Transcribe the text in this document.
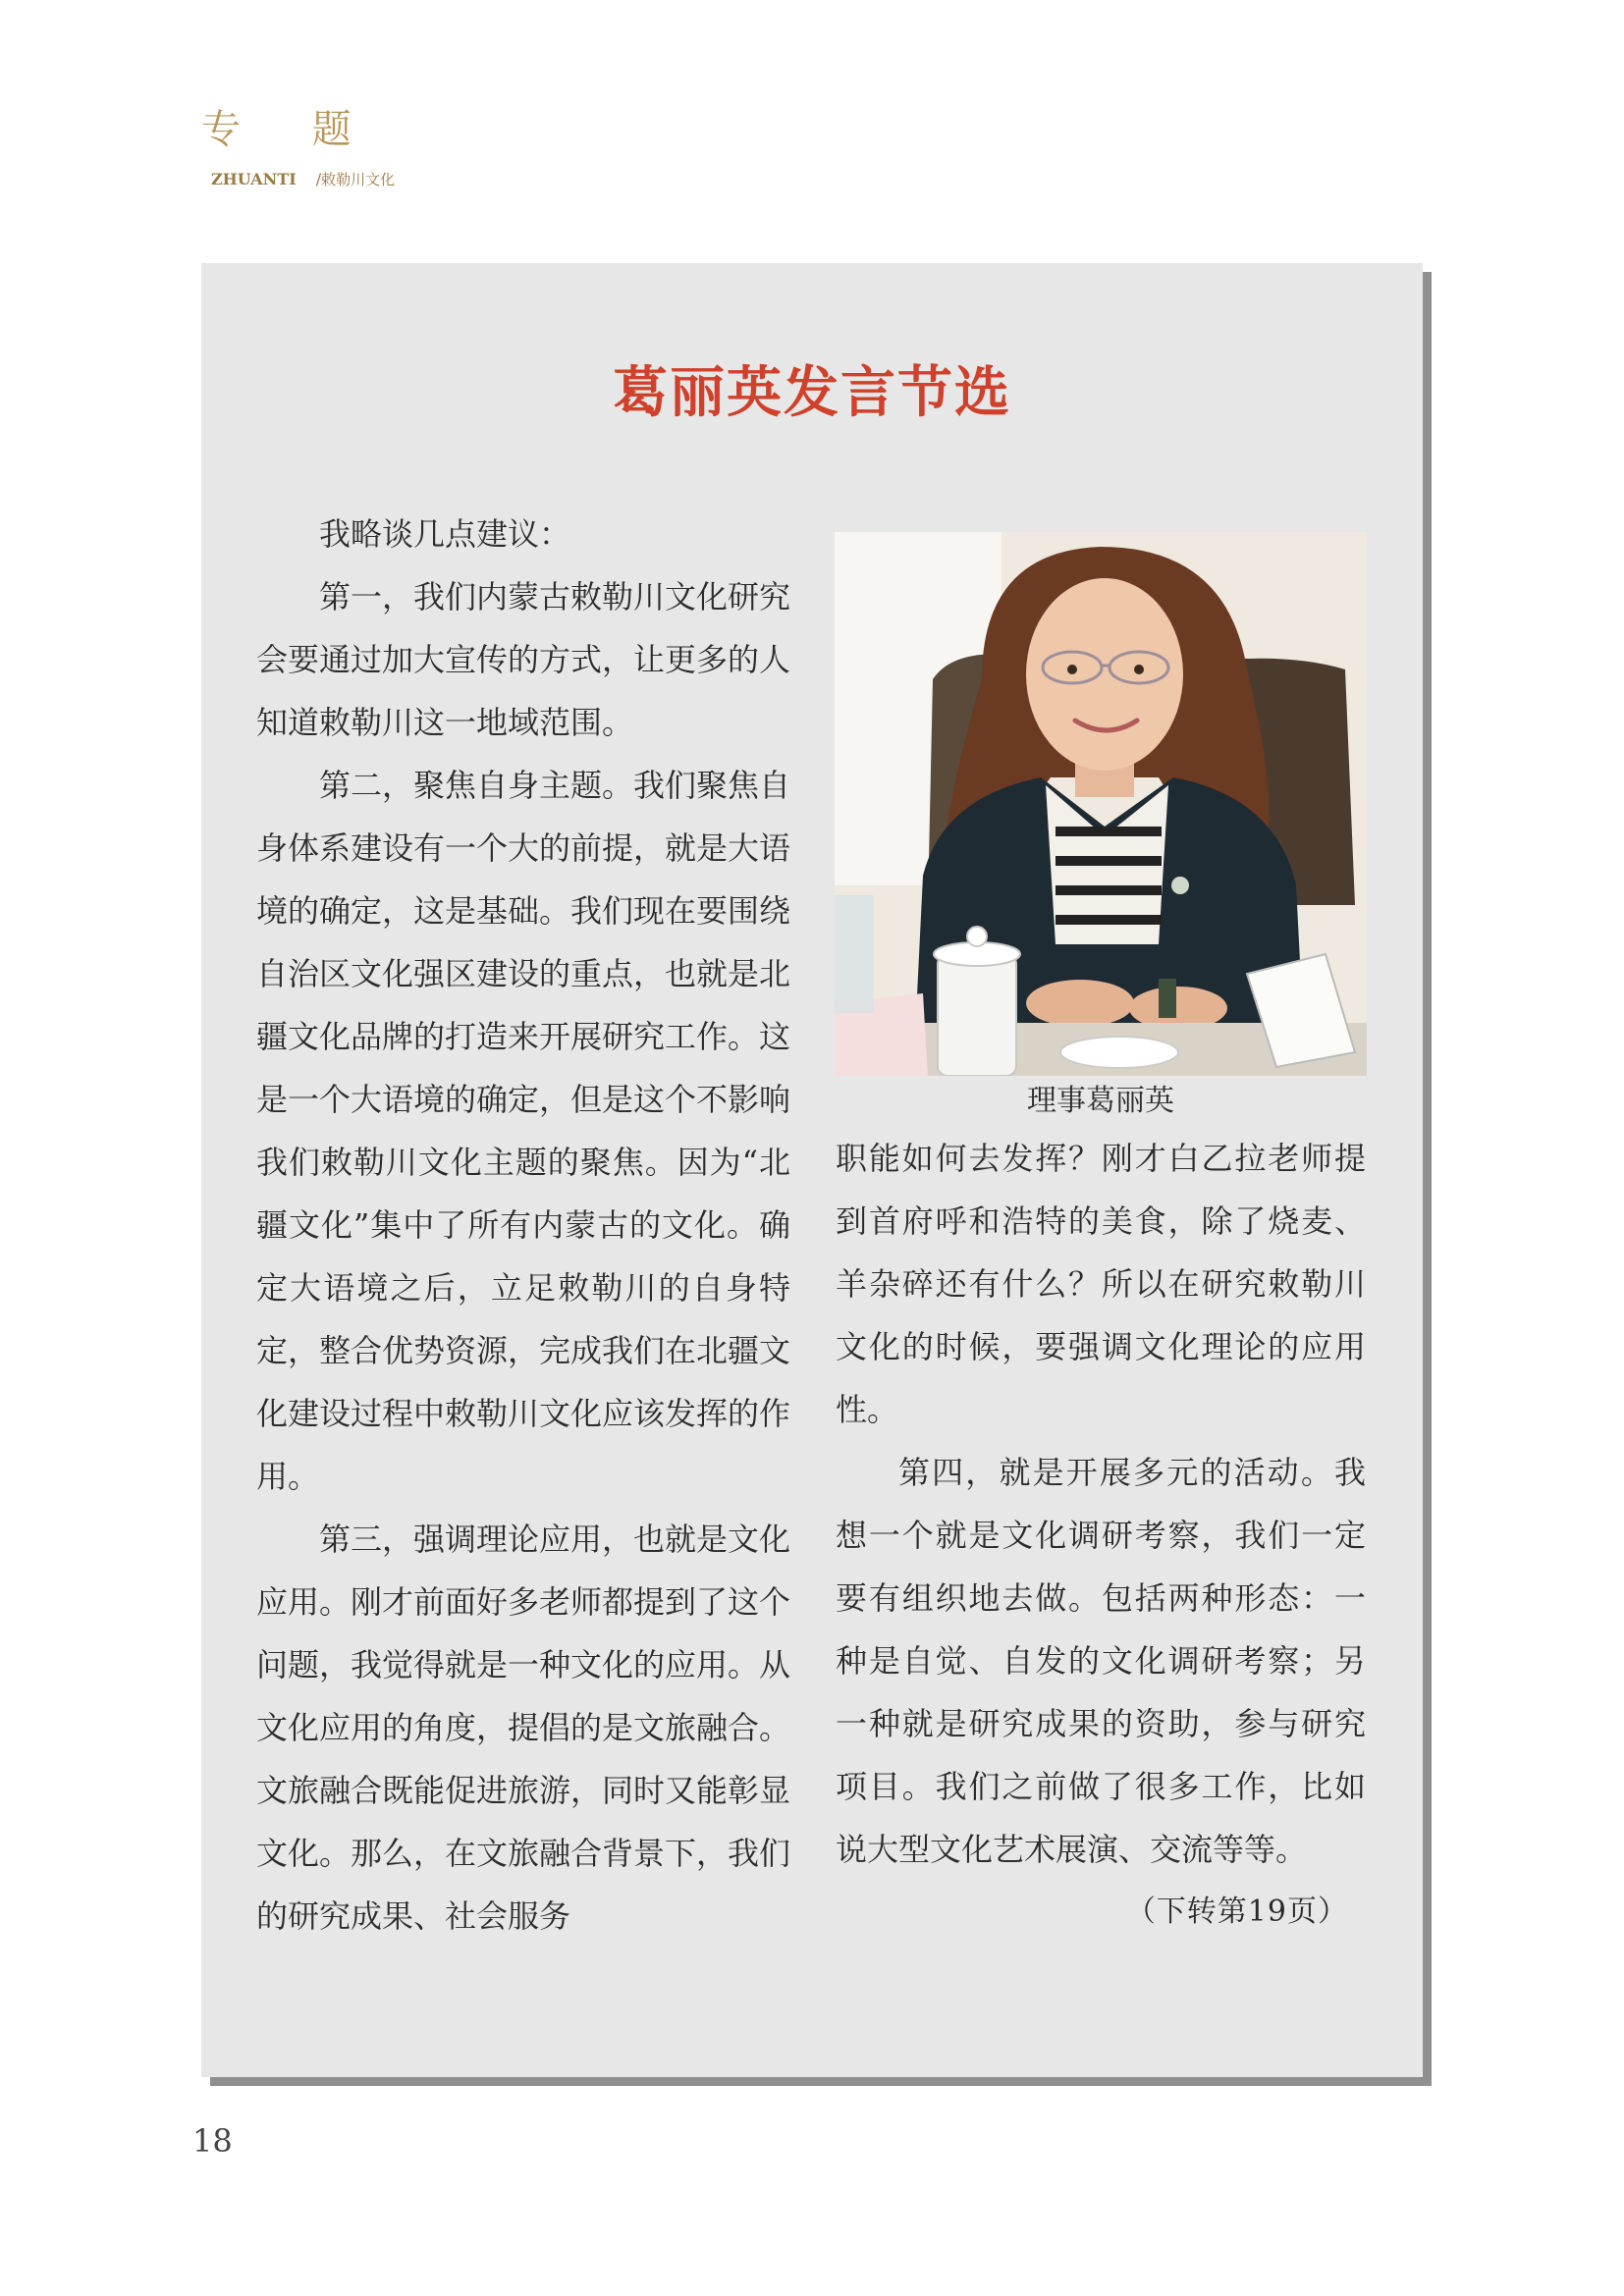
专 题
ZHUANTI /敕勒川文化
葛丽英发言节选

我略谈几点建议：

第一，我们内蒙古敕勒川文化研究会要通过加大宣传的方式，让更多的人知道敕勒川这一地域范围。

第二，聚焦自身主题。我们聚焦自身体系建设有一个大的前提，就是大语境的确定，这是基础。我们现在要围绕自治区文化强区建设的重点，也就是北疆文化品牌的打造来开展研究工作。这是一个大语境的确定，但是这个不影响我们敕勒川文化主题的聚焦。因为“北疆文化”集中了所有内蒙古的文化。确定大语境之后，立足敕勒川的自身特定，整合优势资源，完成我们在北疆文化建设过程中敕勒川文化应该发挥的作用。

第三，强调理论应用，也就是文化应用。刚才前面好多老师都提到了这个问题，我觉得就是一种文化的应用。从文化应用的角度，提倡的是文旅融合。文旅融合既能促进旅游，同时又能彰显文化。那么，在文旅融合背景下，我们的研究成果、社会服务

理事葛丽英

职能如何去发挥？刚才白乙拉老师提到首府呼和浩特的美食，除了烧麦、羊杂碎还有什么？所以在研究敕勒川文化的时候，要强调文化理论的应用性。

第四，就是开展多元的活动。我想一个就是文化调研考察，我们一定要有组织地去做。包括两种形态：一种是自觉、自发的文化调研考察；另一种就是研究成果的资助，参与研究项目。我们之前做了很多工作，比如说大型文化艺术展演、交流等等。

（下转第19页）
18
